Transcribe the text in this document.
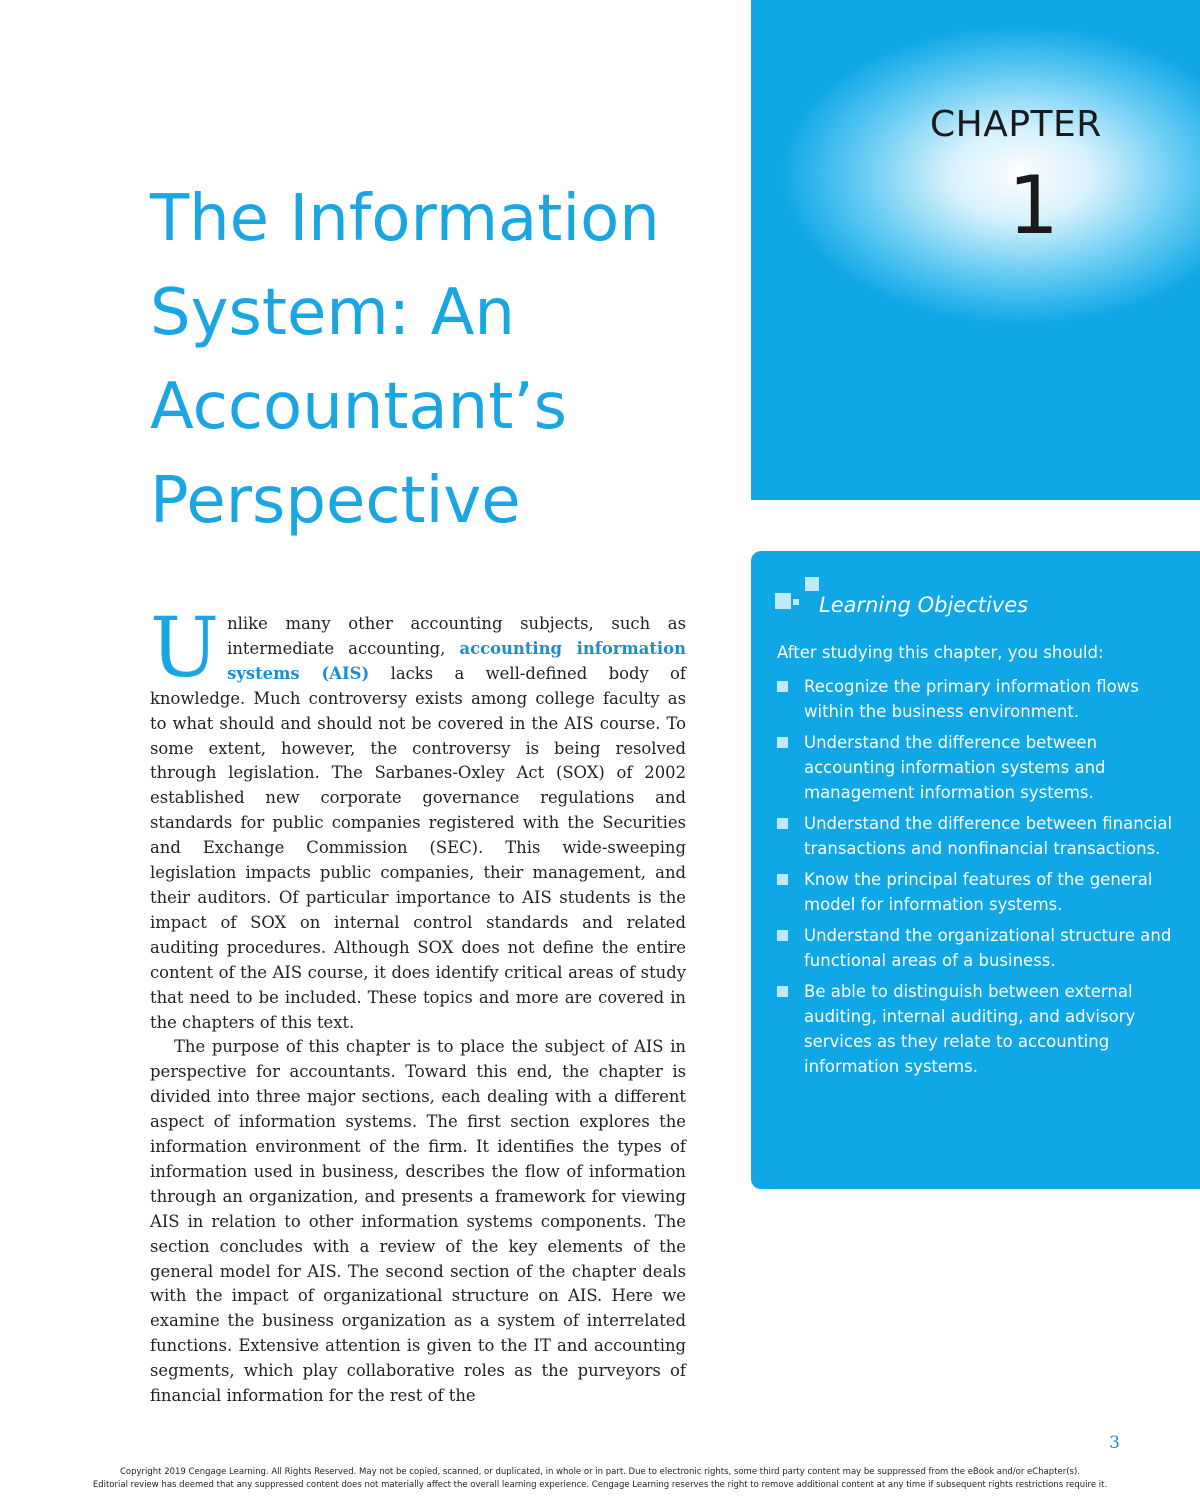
CHAPTER
1
The Information
System: An
Accountant’s
Perspective

Unlike many other accounting subjects, such as intermediate accounting, accounting information systems (AIS) lacks a well-defined body of knowledge. Much controversy exists among college faculty as to what should and should not be covered in the AIS course. To some extent, however, the controversy is being resolved through legislation. The Sarbanes-Oxley Act (SOX) of 2002 established new corporate governance regulations and standards for public companies registered with the Securities and Exchange Commission (SEC). This wide-sweeping legislation impacts public companies, their management, and their auditors. Of particular importance to AIS students is the impact of SOX on internal control standards and related auditing procedures. Although SOX does not define the entire content of the AIS course, it does identify critical areas of study that need to be included. These topics and more are covered in the chapters of this text.

The purpose of this chapter is to place the subject of AIS in perspective for accountants. Toward this end, the chapter is divided into three major sections, each dealing with a different aspect of information systems. The first section explores the information environment of the firm. It identifies the types of information used in business, describes the flow of information through an organization, and presents a framework for viewing AIS in relation to other information systems components. The section concludes with a review of the key elements of the general model for AIS. The second section of the chapter deals with the impact of organizational structure on AIS. Here we examine the business organization as a system of interrelated functions. Extensive attention is given to the IT and accounting segments, which play collaborative roles as the purveyors of financial information for the rest of the

Learning Objectives
After studying this chapter, you should:
Recognize the primary information flows within the business environment.
Understand the difference between accounting information systems and management information systems.
Understand the difference between financial transactions and nonfinancial transactions.
Know the principal features of the general model for information systems.
Understand the organizational structure and functional areas of a business.
Be able to distinguish between external auditing, internal auditing, and advisory services as they relate to accounting information systems.
3
Copyright 2019 Cengage Learning. All Rights Reserved. May not be copied, scanned, or duplicated, in whole or in part. Due to electronic rights, some third party content may be suppressed from the eBook and/or eChapter(s).
Editorial review has deemed that any suppressed content does not materially affect the overall learning experience. Cengage Learning reserves the right to remove additional content at any time if subsequent rights restrictions require it.
